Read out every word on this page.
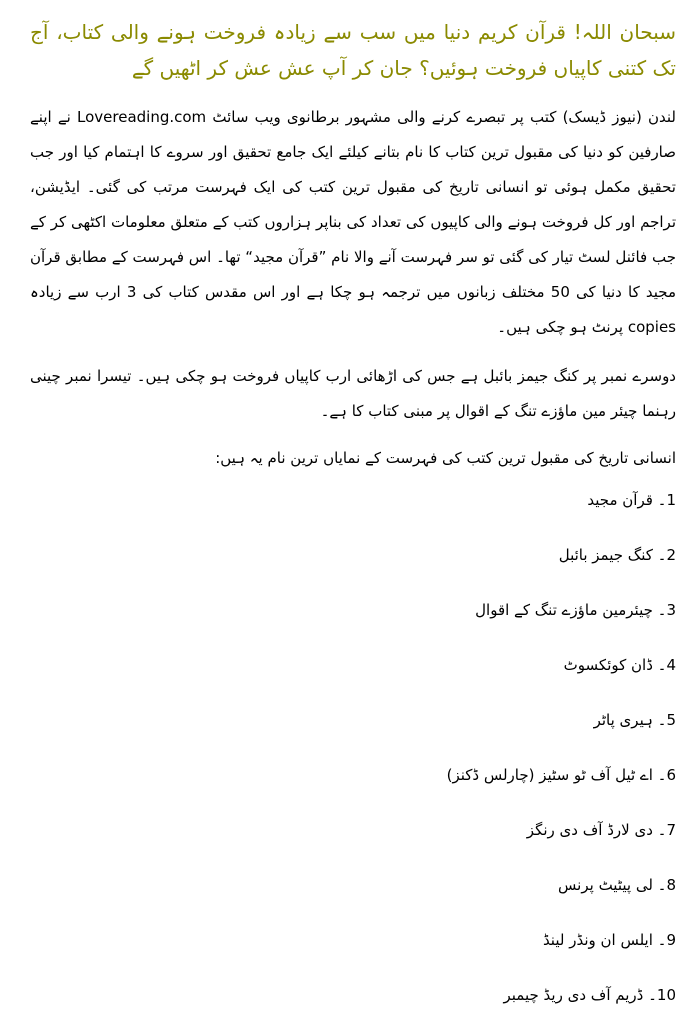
سبحان اللہ! قرآن کریم دنیا میں سب سے زیادہ فروخت ہونے والی کتاب، آج تک کتنی کاپیاں فروخت ہوئیں؟ جان کر آپ عش عش کر اٹھیں گے

لندن (نیوز ڈیسک) کتب پر تبصرے کرنے والی مشہور برطانوی ویب سائٹ Lovereading.com نے اپنے صارفین کو دنیا کی مقبول ترین کتاب کا نام بتانے کیلئے ایک جامع تحقیق اور سروے کا اہتمام کیا اور جب تحقیق مکمل ہوئی تو انسانی تاریخ کی مقبول ترین کتب کی ایک فہرست مرتب کی گئی۔ ایڈیشن، تراجم اور کل فروخت ہونے والی کاپیوں کی تعداد کی بناپر ہزاروں کتب کے متعلق معلومات اکٹھی کر کے جب فائنل لسٹ تیار کی گئی تو سر فہرست آنے والا نام ”قرآن مجید“ تھا۔ اس فہرست کے مطابق قرآن مجید کا دنیا کی 50 مختلف زبانوں میں ترجمہ ہو چکا ہے اور اس مقدس کتاب کی 3 ارب سے زیادہ copies پرنٹ ہو چکی ہیں۔

دوسرے نمبر پر کنگ جیمز بائبل ہے جس کی اڑھائی ارب کاپیاں فروخت ہو چکی ہیں۔ تیسرا نمبر چینی رہنما چیئر مین ماؤزے تنگ کے اقوال پر مبنی کتاب کا ہے۔

انسانی تاریخ کی مقبول ترین کتب کی فہرست کے نمایاں ترین نام یہ ہیں:

1۔ قرآن مجید
2۔ کنگ جیمز بائبل
3۔ چیئرمین ماؤزے تنگ کے اقوال
4۔ ڈان کوئکسوٹ
5۔ ہیری پاٹر
6۔ اے ٹیل آف ٹو سٹیز (چارلس ڈکنز)
7۔ دی لارڈ آف دی رنگز
8۔ لی پیٹیٹ پرنس
9۔ ایلس ان ونڈر لینڈ
10۔ ڈریم آف دی ریڈ چیمبر
